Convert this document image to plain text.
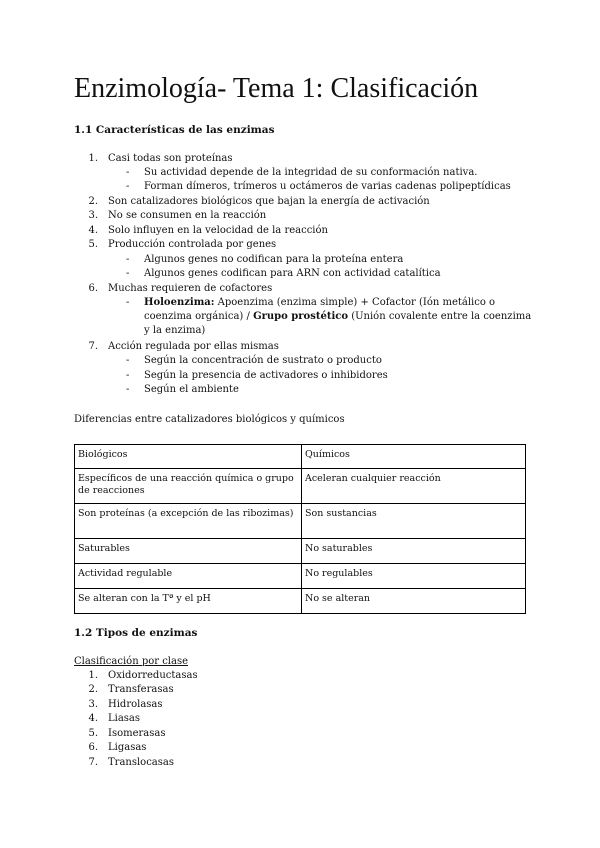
Enzimología- Tema 1: Clasificación
1.1 Características de las enzimas
1. Casi todas son proteínas
- Su actividad depende de la integridad de su conformación nativa.
- Forman dímeros, trímeros u octámeros de varias cadenas polipeptídicas
2. Son catalizadores biológicos que bajan la energía de activación
3. No se consumen en la reacción
4. Solo influyen en la velocidad de la reacción
5. Producción controlada por genes
- Algunos genes no codifican para la proteína entera
- Algunos genes codifican para ARN con actividad catalítica
6. Muchas requieren de cofactores
- Holoenzima: Apoenzima (enzima simple) + Cofactor (Ión metálico o
coenzima orgánica) / Grupo prostético (Unión covalente entre la coenzima
y la enzima)
7. Acción regulada por ellas mismas
- Según la concentración de sustrato o producto
- Según la presencia de activadores o inhibidores
- Según el ambiente
Diferencias entre catalizadores biológicos y químicos
Biológicos	Químicos
Específicos de una reacción química o grupo de reacciones	Aceleran cualquier reacción
Son proteínas (a excepción de las ribozimas)	Son sustancias
Saturables	No saturables
Actividad regulable	No regulables
Se alteran con la Tª y el pH	No se alteran
1.2 Tipos de enzimas
Clasificación por clase
1. Oxidorreductasas
2. Transferasas
3. Hidrolasas
4. Liasas
5. Isomerasas
6. Ligasas
7. Translocasas
